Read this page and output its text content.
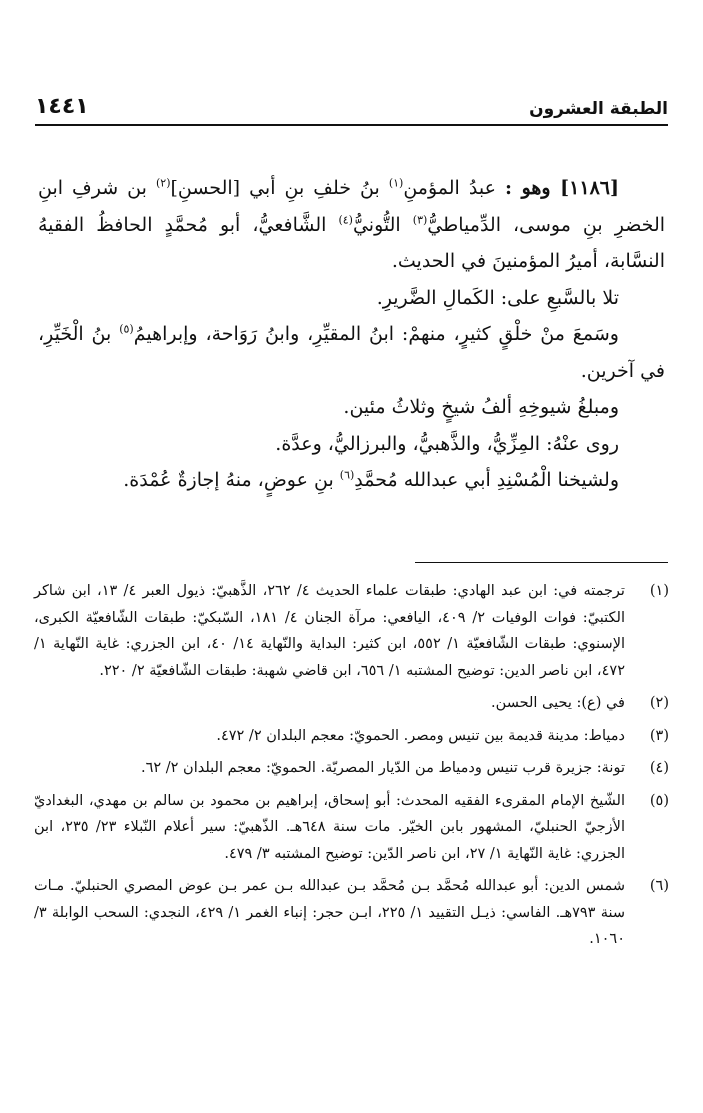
الطبقة العشرون
١٤٤١

[١١٨٦] وهو : عبدُ المؤمنِ$^{(١)}$ بنُ خلفِ بنِ أبي [الحسنِ]$^{(٢)}$ بن شرفِ ابنِ الخضرِ بنِ موسى، الدِّمياطيُّ$^{(٣)}$ التُّونيُّ$^{(٤)}$ الشَّافعيُّ، أبو مُحمَّدٍ الحافظُ الفقيهُ النسَّابة، أميرُ المؤمنينَ في الحديث.

تلا بالسَّبعِ على: الكَمالِ الضَّريرِ.

وسَمعَ منْ خلْقٍ كثيرٍ، منهمْ: ابنُ المقيِّرِ، وابنُ رَوَاحة، وإبراهيمُ$^{(٥)}$ بنُ الْخَيِّرِ، في آخرين.

ومبلغُ شيوخِهِ ألفُ شيخٍ وثلاثُ مئين.

روى عنْهُ: المِزِّيُّ، والذَّهبيُّ، والبرزاليُّ، وعدَّة.

ولشيخنا الْمُسْنِدِ أبي عبدالله مُحمَّدِ$^{(٦)}$ بنِ عوضٍ، منهُ إجازةٌ عُمْدَة.

(١)
ترجمته في: ابن عبد الهادي: طبقات علماء الحديث ٤/ ٢٦٢، الذَّهبيّ: ذيول العبر ٤/ ١٣، ابن شاكر الكتبيّ: فوات الوفيات ٢/ ٤٠٩، اليافعي: مرآة الجنان ٤/ ١٨١، السّبكيّ: طبقات الشّافعيّة الكبرى، الإسنوي: طبقات الشّافعيّة ١/ ٥٥٢، ابن كثير: البداية والنّهاية ١٤/ ٤٠، ابن الجزري: غاية النّهاية ١/ ٤٧٢، ابن ناصر الدين: توضيح المشتبه ١/ ٦٥٦، ابن قاضي شهبة: طبقات الشّافعيّة ٢/ ٢٢٠.
(٢)
في (ع): يحيى الحسن.
(٣)
دمياط: مدينة قديمة بين تنيس ومصر. الحمويّ: معجم البلدان ٢/ ٤٧٢.
(٤)
تونة: جزيرة قرب تنيس ودمياط من الدّيار المصريّة. الحمويّ: معجم البلدان ٢/ ٦٢.
(٥)
الشّيخ الإمام المقرىء الفقيه المحدث: أبو إسحاق، إبراهيم بن محمود بن سالم بن مهدي، البغداديّ الأزجيّ الحنبليّ، المشهور بابن الخيّر. مات سنة ٦٤٨هـ. الذّهبيّ: سير أعلام النّبلاء ٢٣/ ٢٣٥، ابن الجزري: غاية النّهاية ١/ ٢٧، ابن ناصر الدّين: توضيح المشتبه ٣/ ٤٧٩.
(٦)
شمس الدين: أبو عبدالله مُحمَّد بـن مُحمَّد بـن عبدالله بـن عمر بـن عوض المصري الحنبليّ. مـات سنة ٧٩٣هـ. الفاسي: ذيـل التقييد ١/ ٢٢٥، ابـن حجر: إنباء الغمر ١/ ٤٢٩، النجدي: السحب الوابلة ٣/ ١٠٦٠.
